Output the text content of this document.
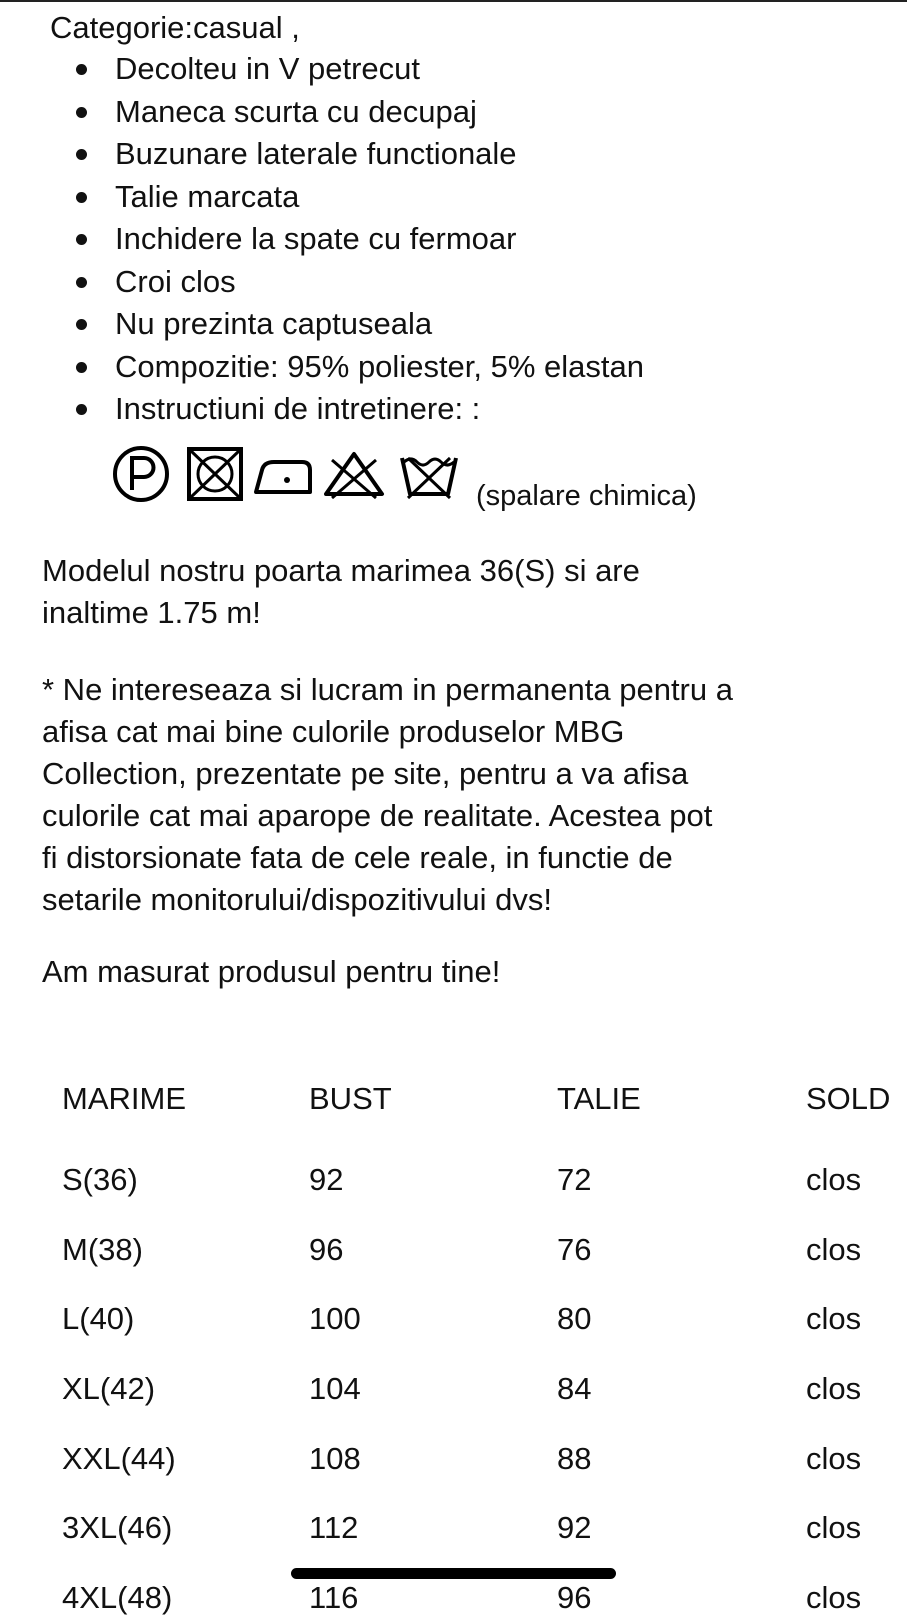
Categorie:casual ,

Decolteu in V petrecut
Maneca scurta cu decupaj
Buzunare laterale functionale
Talie marcata
Inchidere la spate cu fermoar
Croi clos
Nu prezinta captuseala
Compozitie: 95% poliester, 5% elastan
Instructiuni de intretinere: :
(spalare chimica)
Modelul nostru poarta marimea 36(S) si are
inaltime 1.75 m!
* Ne intereseaza si lucram in permanenta pentru a
afisa cat mai bine culorile produselor MBG
Collection, prezentate pe site, pentru a va afisa
culorile cat mai aparope de realitate. Acestea pot
fi distorsionate fata de cele reale, in functie de
setarile monitorului/dispozitivului dvs!
Am masurat produsul pentru tine!
MARIME	BUST	TALIE	SOLD
S(36)	92	72	clos
M(38)	96	76	clos
L(40)	100	80	clos
XL(42)	104	84	clos
XXL(44)	108	88	clos
3XL(46)	112	92	clos
4XL(48)	116	96	clos
